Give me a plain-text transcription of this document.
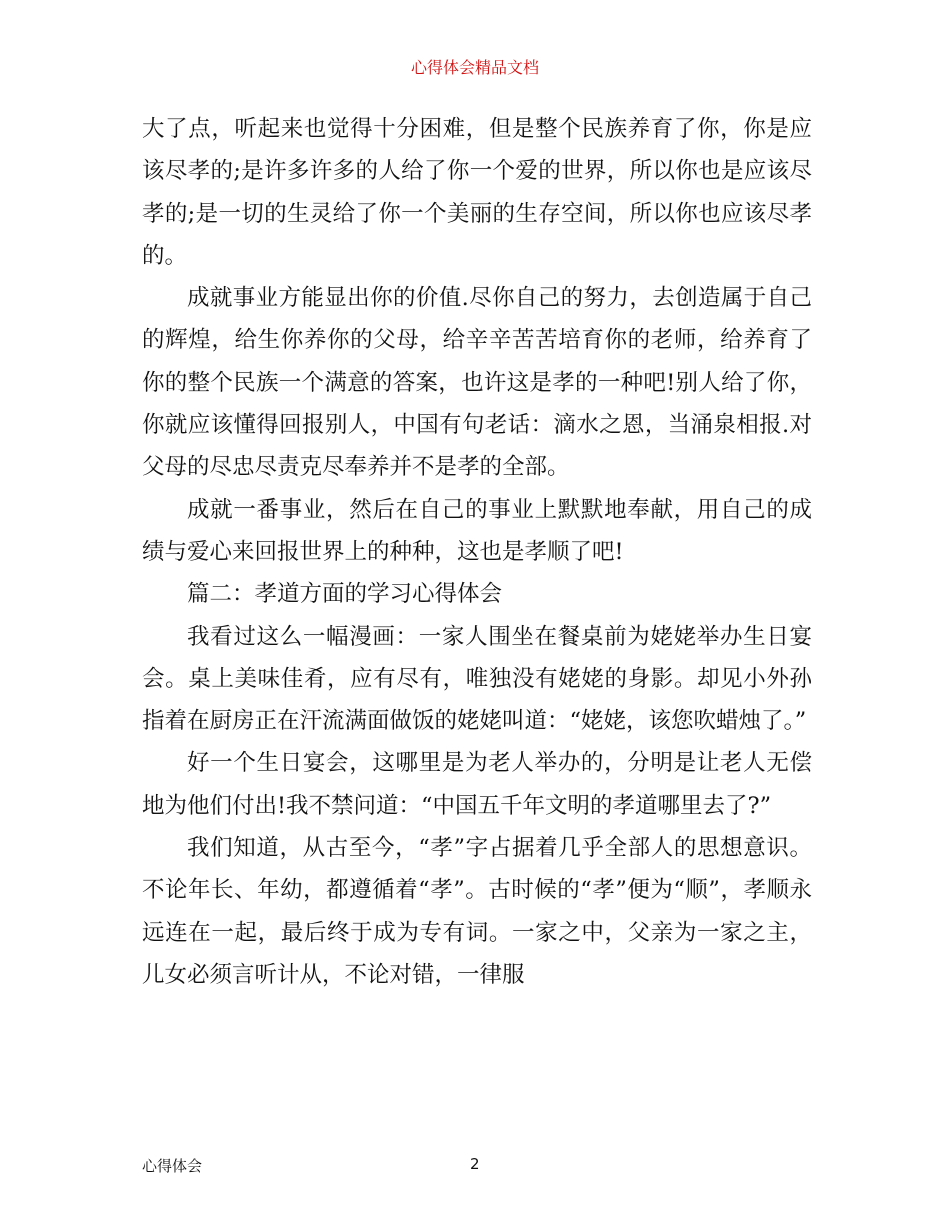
心得体会精品文档

大了点，听起来也觉得十分困难，但是整个民族养育了你，你是应该尽孝的;是许多许多的人给了你一个爱的世界，所以你也是应该尽孝的;是一切的生灵给了你一个美丽的生存空间，所以你也应该尽孝的。

成就事业方能显出你的价值.尽你自己的努力，去创造属于自己的辉煌，给生你养你的父母，给辛辛苦苦培育你的老师，给养育了你的整个民族一个满意的答案，也许这是孝的一种吧!别人给了你，你就应该懂得回报别人，中国有句老话：滴水之恩，当涌泉相报.对父母的尽忠尽责克尽奉养并不是孝的全部。

成就一番事业，然后在自己的事业上默默地奉献，用自己的成绩与爱心来回报世界上的种种，这也是孝顺了吧!

篇二：孝道方面的学习心得体会

我看过这么一幅漫画：一家人围坐在餐桌前为姥姥举办生日宴会。桌上美味佳肴，应有尽有，唯独没有姥姥的身影。却见小外孙指着在厨房正在汗流满面做饭的姥姥叫道：“姥姥，该您吹蜡烛了。”

好一个生日宴会，这哪里是为老人举办的，分明是让老人无偿地为他们付出!我不禁问道：“中国五千年文明的孝道哪里去了?”

我们知道，从古至今，“孝”字占据着几乎全部人的思想意识。不论年长、年幼，都遵循着“孝”。古时候的“孝”便为“顺”，孝顺永远连在一起，最后终于成为专有词。一家之中，父亲为一家之主，儿女必须言听计从，不论对错，一律服

心得体会	2
